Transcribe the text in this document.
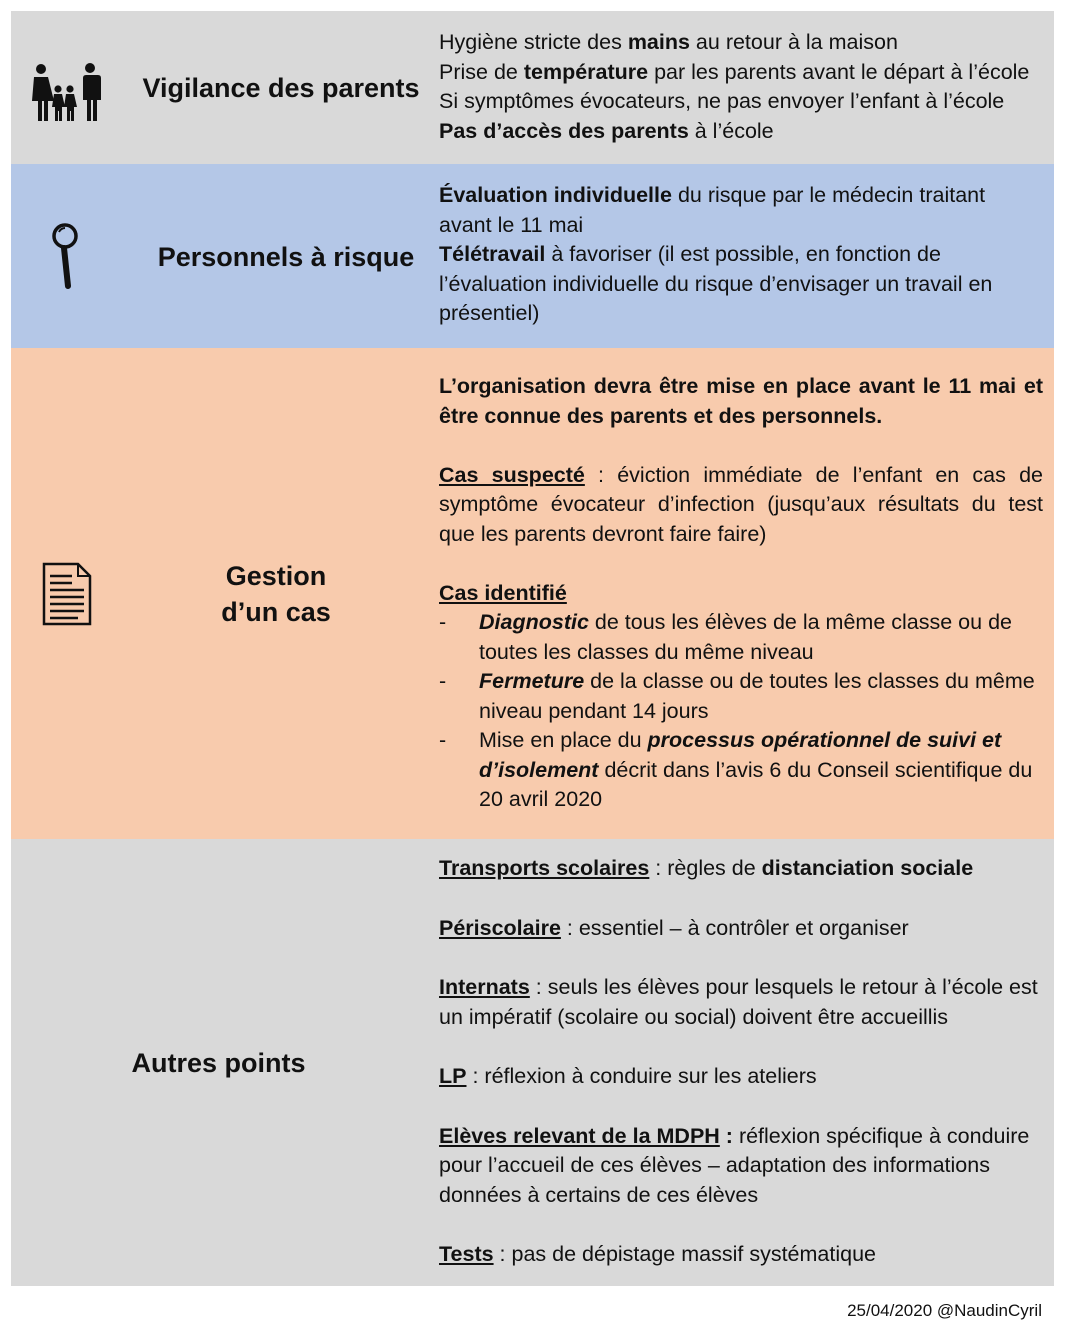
Vigilance des parents

Hygiène stricte des mains au retour à la maison

Prise de température par les parents avant le départ à l’école

Si symptômes évocateurs, ne pas envoyer l’enfant à l’école

Pas d’accès des parents à l’école

Personnels à risque

Évaluation individuelle du risque par le médecin traitant avant le 11 mai

Télétravail à favoriser (il est possible, en fonction de l’évaluation individuelle du risque d’envisager un travail en présentiel)

Gestion
d’un cas

L’organisation devra être mise en place avant le 11 mai et être connue des parents et des personnels.

Cas suspecté : éviction immédiate de l’enfant en cas de symptôme évocateur d’infection (jusqu’aux résultats du test que les parents devront faire faire)

Cas identifié

- Diagnostic de tous les élèves de la même classe ou de toutes les classes du même niveau
- Fermeture de la classe ou de toutes les classes du même niveau pendant 14 jours
- Mise en place du processus opérationnel de suivi et d’isolement décrit dans l’avis 6 du Conseil scientifique du 20 avril 2020
Autres points

Transports scolaires : règles de distanciation sociale

Périscolaire : essentiel – à contrôler et organiser

Internats : seuls les élèves pour lesquels le retour à l’école est un impératif (scolaire ou social) doivent être accueillis

LP : réflexion à conduire sur les ateliers

Elèves relevant de la MDPH : réflexion spécifique à conduire pour l’accueil de ces élèves – adaptation des informations données à certains de ces élèves

Tests : pas de dépistage massif systématique

25/04/2020 @NaudinCyril
